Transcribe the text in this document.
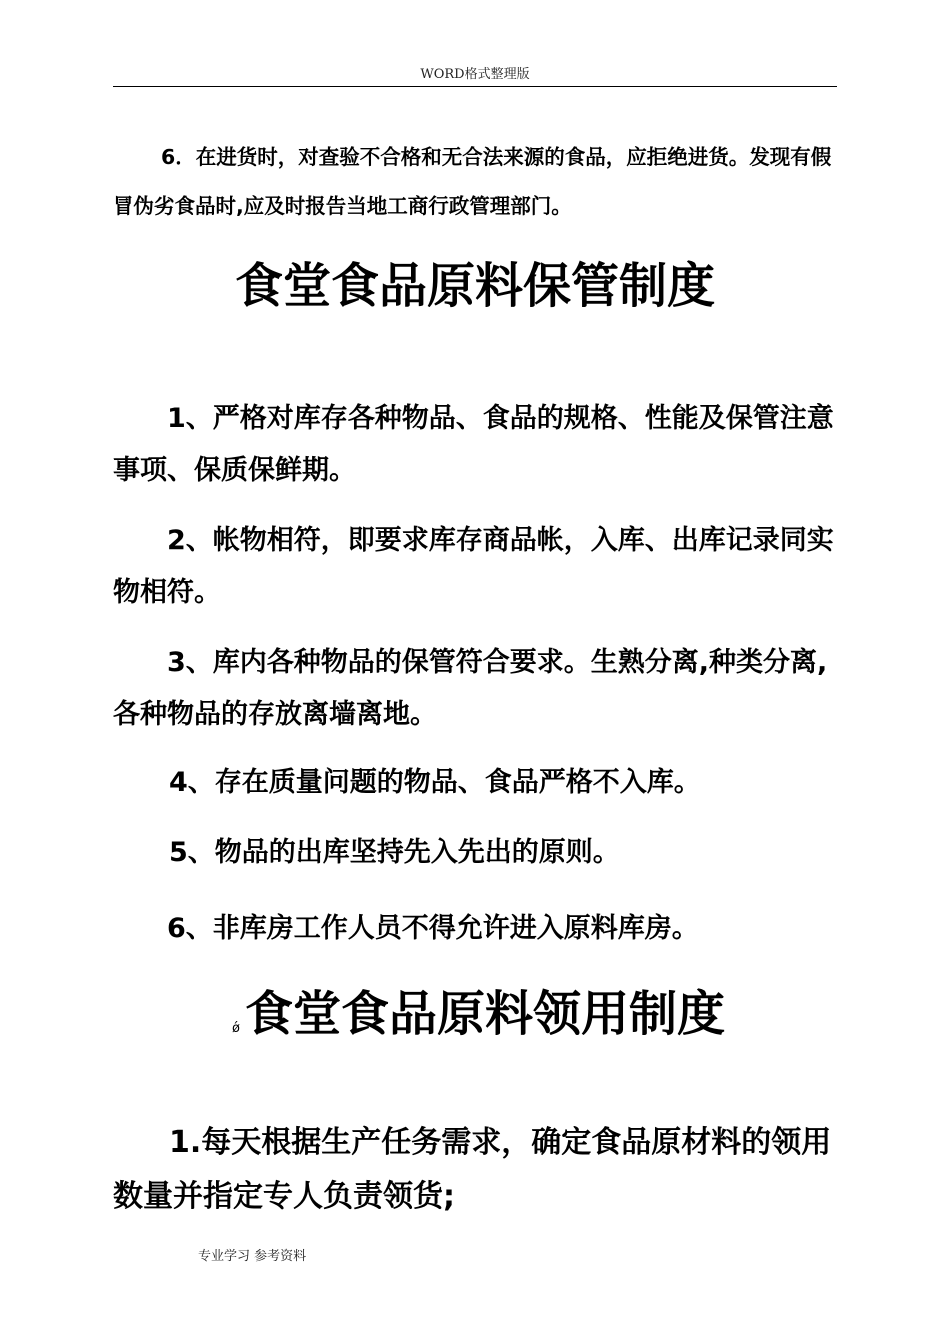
WORD格式整理版

6．在进货时，对查验不合格和无合法来源的食品，应拒绝进货。发现有假冒伪劣食品时,应及时报告当地工商行政管理部门。

食堂食品原料保管制度

1、严格对库存各种物品、食品的规格、性能及保管注意事项、保质保鲜期。

2、帐物相符，即要求库存商品帐，入库、出库记录同实物相符。

3、库内各种物品的保管符合要求。生熟分离,种类分离,各种物品的存放离墙离地。

4、存在质量问题的物品、食品严格不入库。

5、物品的出库坚持先入先出的原则。

6、非库房工作人员不得允许进入原料库房。

ǿ 食堂食品原料领用制度

1.每天根据生产任务需求，确定食品原材料的领用数量并指定专人负责领货;

专业学习 参考资料
